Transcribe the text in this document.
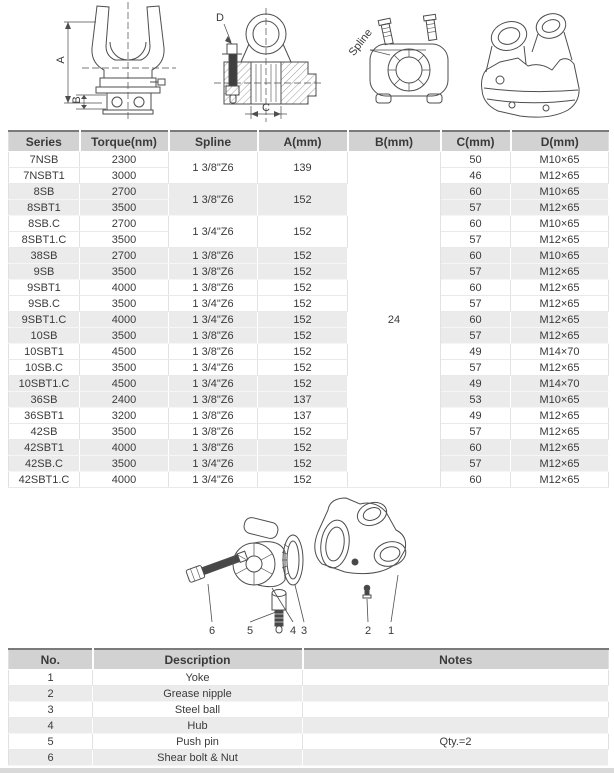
A
B
D
C
Spline
Series	Torque(nm)	Spline	A(mm)	B(mm)	C(mm)	D(mm)
7NSB	2300	1 3/8"Z6	139	24	50	M10×65
7NSBT1	3000				46	M12×65
8SB	2700	1 3/8"Z6	152		60	M10×65
8SBT1	3500				57	M12×65
8SB.C	2700	1 3/4"Z6	152		60	M10×65
8SBT1.C	3500				57	M12×65
38SB	2700	1 3/8"Z6	152		60	M10×65
9SB	3500	1 3/8"Z6	152		57	M12×65
9SBT1	4000	1 3/8"Z6	152		60	M12×65
9SB.C	3500	1 3/4"Z6	152		57	M12×65
9SBT1.C	4000	1 3/4"Z6	152		60	M12×65
10SB	3500	1 3/8"Z6	152		57	M12×65
10SBT1	4500	1 3/8"Z6	152		49	M14×70
10SB.C	3500	1 3/4"Z6	152		57	M12×65
10SBT1.C	4500	1 3/4"Z6	152		49	M14×70
36SB	2400	1 3/8"Z6	137		53	M10×65
36SBT1	3200	1 3/8"Z6	137		49	M12×65
42SB	3500	1 3/8"Z6	152		57	M12×65
42SBT1	4000	1 3/8"Z6	152		60	M12×65
42SB.C	3500	1 3/4"Z6	152		57	M12×65
42SBT1.C	4000	1 3/4"Z6	152		60	M12×65
6	5	4 3	2 1
No.	Description	Notes
1	Yoke	
2	Grease nipple	
3	Steel ball	
4	Hub	
5	Push pin	Qty.=2
6	Shear bolt & Nut	
